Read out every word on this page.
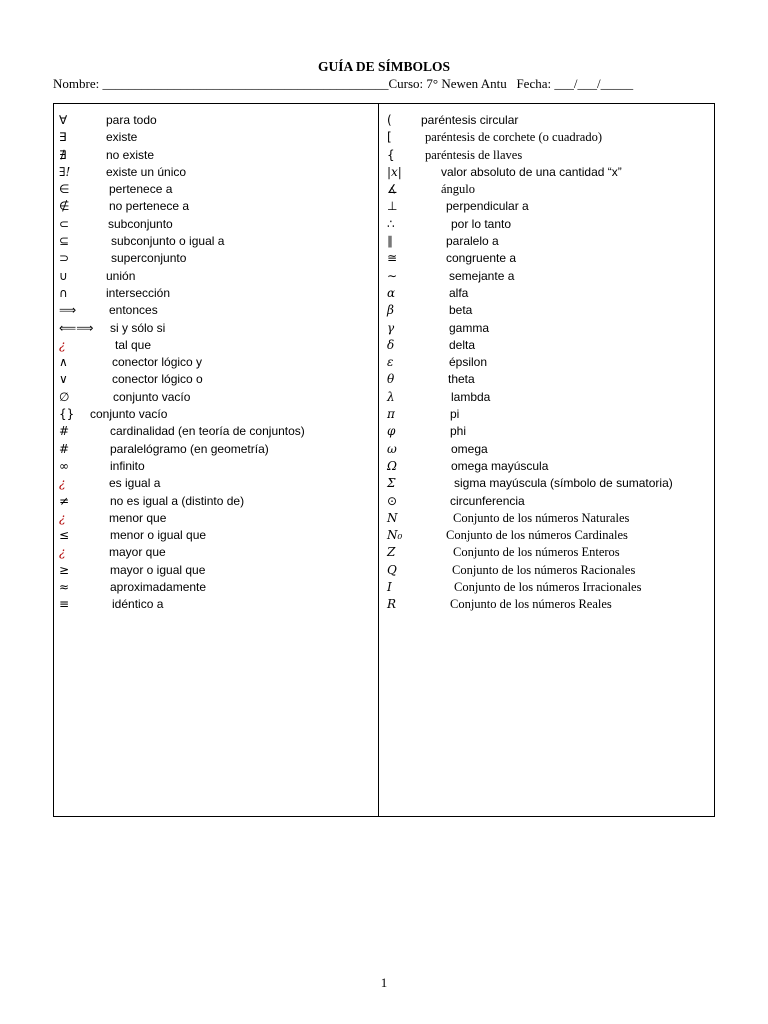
GUÍA DE SÍMBOLOS
Nombre: ____________________________________________Curso: 7° Newen Antu Fecha: ___/___/_____
∀	para todo
∃	existe
∄	no existe
∃!	existe un único
∈	pertenece a
∉	no pertenece a
⊂	subconjunto
⊆	subconjunto o igual a
⊃	superconjunto
∪	unión
∩	intersección
⟹	entonces
⟸⟹ si y sólo si
¿	tal que
∧	conector lógico y
∨	conector lógico o
∅	conjunto vacío
{} conjunto vacío
#	cardinalidad (en teoría de conjuntos)
#	paralelógramo (en geometría)
∞	infinito
¿	es igual a
≠	no es igual a (distinto de)
¿	menor que
≤	menor o igual que
¿	mayor que
≥	mayor o igual que
≈	aproximadamente
≡	idéntico a
( paréntesis circular
[	paréntesis de corchete (o cuadrado)
{ paréntesis de llaves
|x|	valor absoluto de una cantidad “x”
∡	ángulo
⊥	perpendicular a
∴	por lo tanto
∥	paralelo a
≅	congruente a
∼	semejante a
α	alfa
β	beta
γ	gamma
δ	delta
ε	épsilon
θ	theta
λ	lambda
π	pi
φ	phi
ω	omega
Ω	omega mayúscula
Σ	sigma mayúscula (símbolo de sumatoria)
⊙	circunferencia
N	Conjunto de los números Naturales
N₀	Conjunto de los números Cardinales
Z	Conjunto de los números Enteros
Q	Conjunto de los números Racionales
I	Conjunto de los números Irracionales
R	Conjunto de los números Reales
1
